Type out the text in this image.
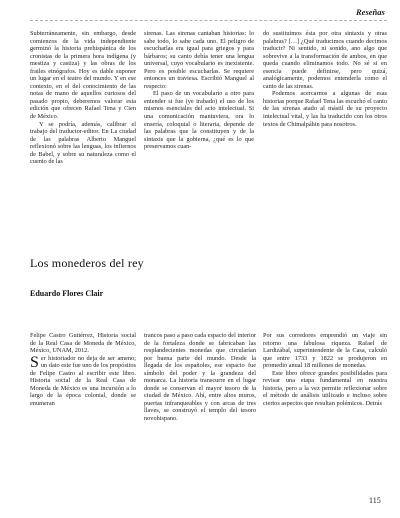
Reseñas

Subterráneamente, sin embargo, desde comienzos de la vida independiente germinó la historia prehispánica de los cronistas de la primera hora indígena (y mestiza y castiza) y las obras de los frailes etnógrafos. Hoy es dable suponer un lugar en el teatro del mundo. Y en ese contexto, en el del conocimiento de las notas de mano de aquellos curiosos del pasado propio, deberemos valorar esta edición que ofrecen Rafael Tena y Cien de México.

Y se podría, además, calibrar el trabajo del traductor-editor. En La ciudad de las palabras Alberto Manguel reflexionó sobre las lenguas, los infiernos de Babel, y sobre su naturaleza como el cuento de las

sirenas. Las sirenas cantaban historias: lo sabe todo, lo sabe cada uno. El peligro de escucharlas era igual para griegos y para bárbaros; su canto debía tener una lengua universal, cuyo vocabulario es inexistente. Pero es posible escucharlas. Se requiere entonces un traviesa. Escribió Manguel al respecto:

El paso de un vocabulario a otro para entender si fue (ye trabado) el uso de los mismos esenciales del acto intelectual. Si una comunicación mantuviera, ora lo ensería, coloquial o literaria, depende de las palabras que la constituyen y de la sintaxis que la gobierna, ¿qué es lo que preservamos cuan-

do sustituimos ésta por otra sintaxis y otras palabras? […] ¿Qué traducimos cuando decimos traducir? Ni sentido, ni sonido, ano algo que sobrevive a la transformación de ambos, en que queda cuando eliminamos todo. No sé si en esencia puede definirse, pero quizá, analógicamente, podemos entenderla como el canto de las sirenas.

Podemos acercarnos a algunas de esas historias porque Rafael Tena las escuchó el canto de las sirenas atado al mástil de su proyecto intelectual vital, y las ha traducido con los otros textos de Chimalpáhin para nosotros.

Los monederos del rey
Eduardo Flores Clair

Felipe Castro Gutiérrez, Historia social de la Real Casa de Moneda de México, México, UNAM, 2012.

Ser historiador no deja de ser ameno; un dato este fue uno de los propósitos de Felipe Castro al escribir este libro. Historia social de la Real Casa de Moneda de México es una incursión a lo largo de la época colonial, donde se enumeran

trancos paso a paso cada espacio del interior de la fortaleza donde se fabricaban las resplandecientes monedas que circularían por buena parte del mundo. Desde la llegada de los españoles, ese espacio fue símbolo del poder y la grandeza del monarca. La historia transcurre en el lugar donde se conservan el mayor tesoro de la ciudad de México. Ahí, entre altos muros, puertas infranqueables y con arcas de tres llaves, se construyó el templo del tesoro novohispano.

Por sus corredores emprendió un viaje sin retorno una fabulosa riqueza. Rafael de Lardizábal, superintendente de la Casa, calculó que entre 1733 y 1822 se produjeron en promedio anual 18 millones de monedas.

Este libro ofrece grandes posibilidades para revisar una etapa fundamental en nuestra historia, pero a la vez permite reflexionar sobre el método de análisis utilizado e incluso sobre ciertos aspectos que resultan polémicos. Detrás

115
